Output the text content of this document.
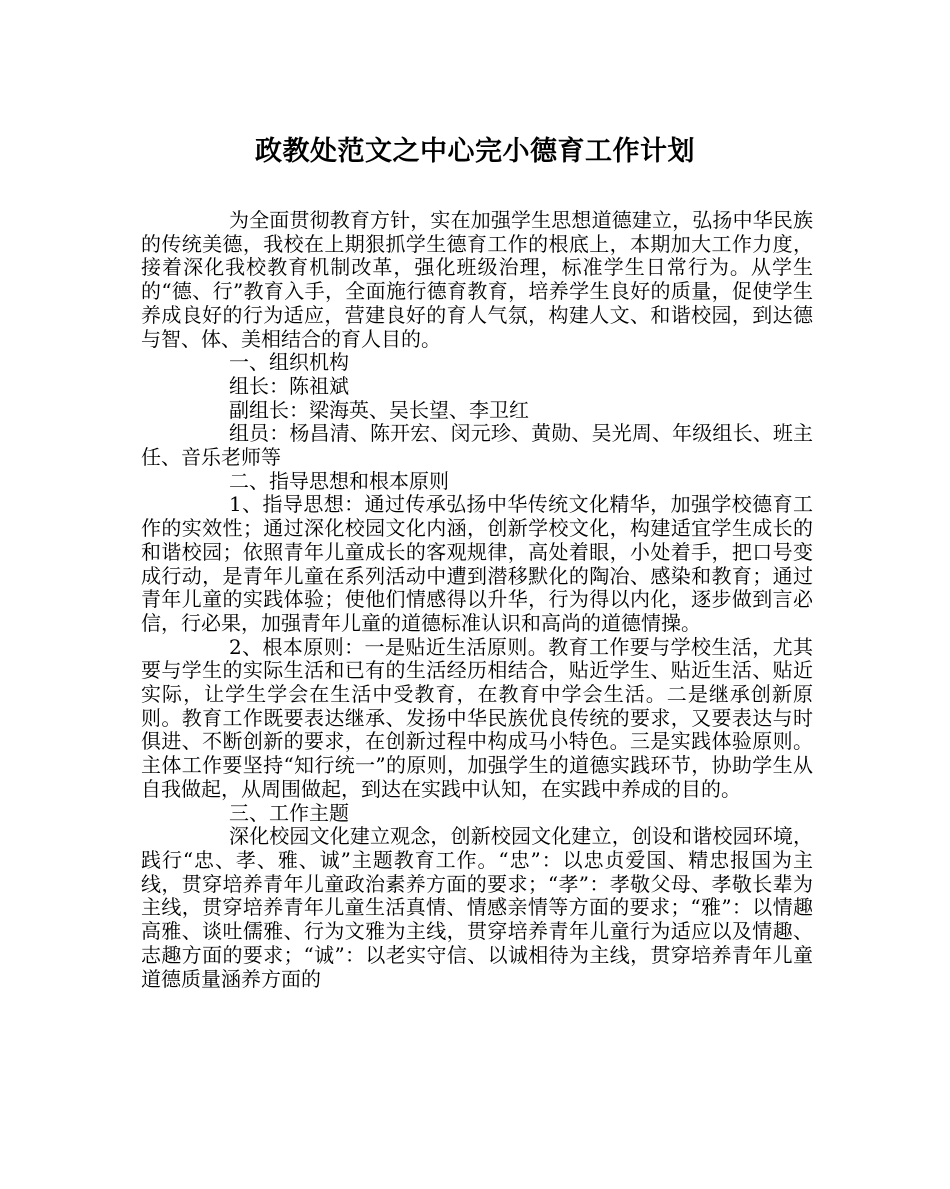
政教处范文之中心完小德育工作计划

为全面贯彻教育方针，实在加强学生思想道德建立，弘扬中华民族的传统美德，我校在上期狠抓学生德育工作的根底上，本期加大工作力度，接着深化我校教育机制改革，强化班级治理，标准学生日常行为。从学生的“德、行”教育入手，全面施行德育教育，培养学生良好的质量，促使学生养成良好的行为适应，营建良好的育人气氛，构建人文、和谐校园，到达德与智、体、美相结合的育人目的。

一、组织机构

组长：陈祖斌

副组长：梁海英、吴长望、李卫红

组员：杨昌清、陈开宏、闵元珍、黄勋、吴光周、年级组长、班主任、音乐老师等

二、指导思想和根本原则

1、指导思想：通过传承弘扬中华传统文化精华，加强学校德育工作的实效性；通过深化校园文化内涵，创新学校文化，构建适宜学生成长的和谐校园；依照青年儿童成长的客观规律，高处着眼，小处着手，把口号变成行动，是青年儿童在系列活动中遭到潜移默化的陶冶、感染和教育；通过青年儿童的实践体验；使他们情感得以升华，行为得以内化，逐步做到言必信，行必果，加强青年儿童的道德标准认识和高尚的道德情操。

2、根本原则：一是贴近生活原则。教育工作要与学校生活，尤其要与学生的实际生活和已有的生活经历相结合，贴近学生、贴近生活、贴近实际，让学生学会在生活中受教育，在教育中学会生活。二是继承创新原则。教育工作既要表达继承、发扬中华民族优良传统的要求，又要表达与时俱进、不断创新的要求，在创新过程中构成马小特色。三是实践体验原则。主体工作要坚持“知行统一”的原则，加强学生的道德实践环节，协助学生从自我做起，从周围做起，到达在实践中认知，在实践中养成的目的。

三、工作主题

深化校园文化建立观念，创新校园文化建立，创设和谐校园环境，践行“忠、孝、雅、诚”主题教育工作。“忠”：以忠贞爱国、精忠报国为主线，贯穿培养青年儿童政治素养方面的要求；“孝”：孝敬父母、孝敬长辈为主线，贯穿培养青年儿童生活真情、情感亲情等方面的要求；“雅”：以情趣高雅、谈吐儒雅、行为文雅为主线，贯穿培养青年儿童行为适应以及情趣、志趣方面的要求；“诚”：以老实守信、以诚相待为主线，贯穿培养青年儿童道德质量涵养方面的
